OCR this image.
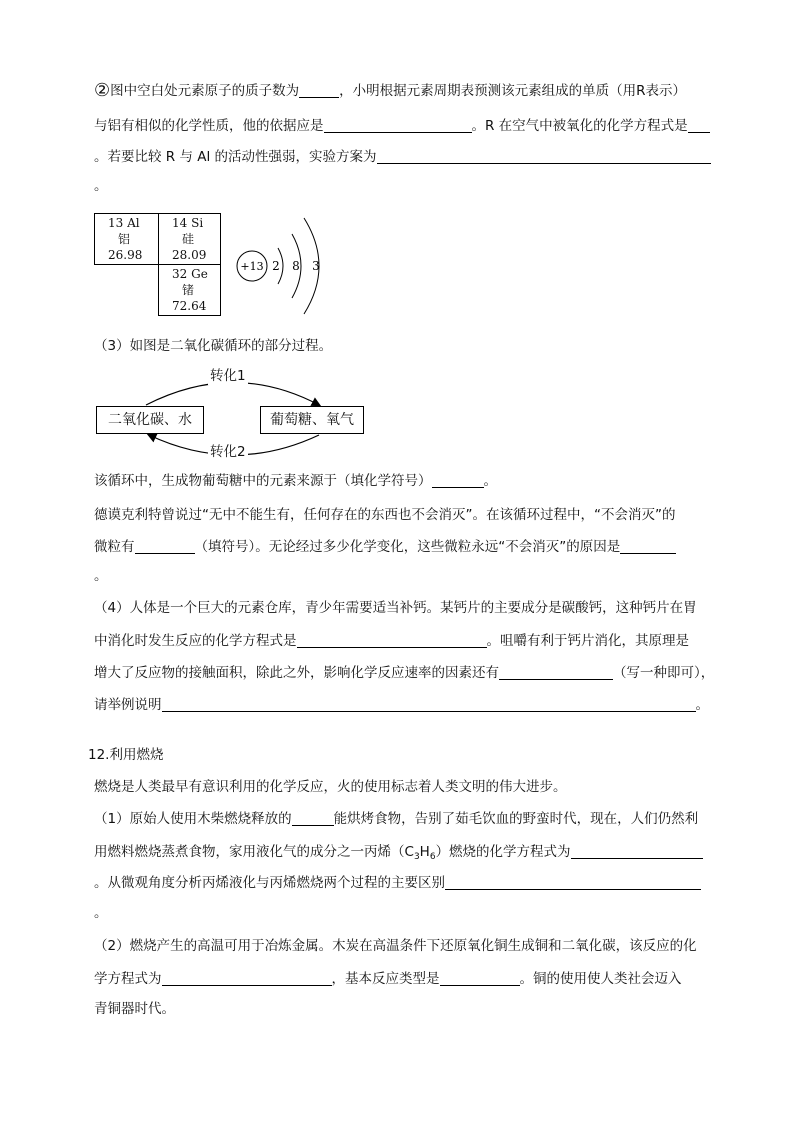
②图中空白处元素原子的质子数为	，小明根据元素周期表预测该元素组成的单质（用R表示）
与铝有相似的化学性质，他的依据应是	。R 在空气中被氧化的化学方程式是
。若要比较 R 与 Al 的活动性强弱，实验方案为
。
13 Al
铝
26.98
14 Si
硅
28.09
32 Ge
锗
72.64
+13 2 8 3
（3）如图是二氧化碳循环的部分过程。
转化1
转化2
二氧化碳、水	葡萄糖、氧气
该循环中，生成物葡萄糖中的元素来源于（填化学符号）	。
德谟克利特曾说过“无中不能生有，任何存在的东西也不会消灭”。在该循环过程中，“不会消灭”的
微粒有	（填符号）。无论经过多少化学变化，这些微粒永远“不会消灭”的原因是
。
（4）人体是一个巨大的元素仓库，青少年需要适当补钙。某钙片的主要成分是碳酸钙，这种钙片在胃
中消化时发生反应的化学方程式是	。咀嚼有利于钙片消化，其原理是
增大了反应物的接触面积，除此之外，影响化学反应速率的因素还有	（写一种即可），
请举例说明	。
12.利用燃烧
燃烧是人类最早有意识利用的化学反应，火的使用标志着人类文明的伟大进步。
（1）原始人使用木柴燃烧释放的	能烘烤食物，告别了茹毛饮血的野蛮时代，现在，人们仍然利
用燃料燃烧蒸煮食物，家用液化气的成分之一丙烯$(C_3H_6)$燃烧的化学方程式为
。从微观角度分析丙烯液化与丙烯燃烧两个过程的主要区别
。
（2）燃烧产生的高温可用于冶炼金属。木炭在高温条件下还原氧化铜生成铜和二氧化碳，该反应的化
学方程式为	，基本反应类型是	。铜的使用使人类社会迈入
青铜器时代。
